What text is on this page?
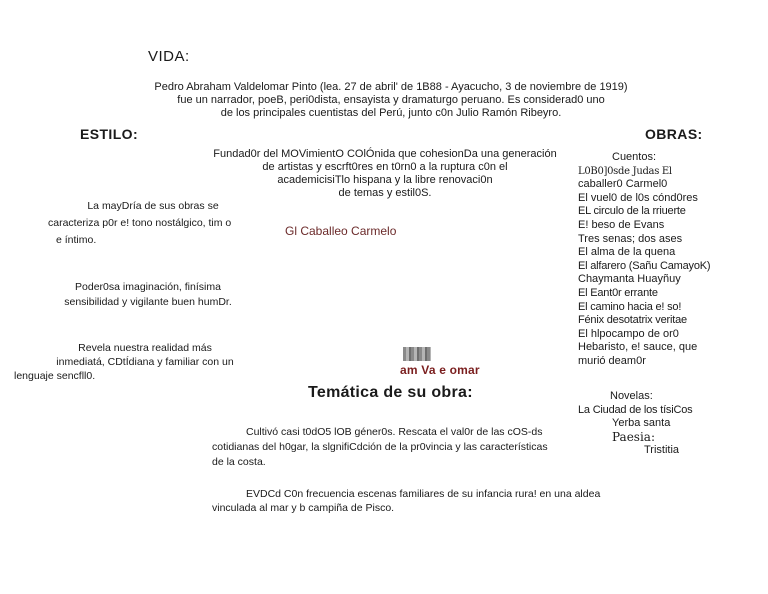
VIDA:
Pedro Abraham Valdelomar Pinto (lea. 27 de abril' de 1B88 - Ayacucho, 3 de noviembre de 1919)
fue un narrador, poeB, peri0dista, ensayista y dramaturgo peruano. Es considerad0 uno
de los principales cuentistas del Perú, junto c0n Julio Ramón Ribeyro.
ESTILO:	OBRAS:
Fundad0r del MOVimientO COlÓnida que cohesionDa una generación
de artistas y escrft0res en t0rn0 a la ruptura c0n el
academicisiTlo hispana y la libre renovaci0n
de temas y estil0S.
La mayDría de sus obras se
caracteriza p0r e! tono nostálgico, tim o
e íntimo.
Poder0sa imaginación, finísima
sensibilidad y vigilante buen humDr.
Revela nuestra realidad más
inmediatá, CDtÍdiana y familiar con un
lenguaje sencfll0.
Gl Caballeo Carmelo
am Va e omar
Temática de su obra:
Cultivó casi t0dO5 lOB géner0s. Rescata el val0r de las cOS-ds
cotidianas del h0gar, la slgnifiCdción de la pr0vincia y las características
de la costa.
EVDCd C0n frecuencia escenas familiares de su infancia rura! en una aldea
vinculada al mar y b campiña de Pisco.
Cuentos:
L0B0]0sde Judas El
caballer0 Carmel0
El vuel0 de l0s cónd0res
EL circulo de la rriuerte
E! beso de Evans
Tres senas; dos ases
El alma de la quena
El alfarero (Sañu CamayoK)
Chaymanta Huayñuy
El Eant0r errante
El camino hacia e! so!
Fénix desotatrix veritae
El hlpocampo de or0
Hebaristo, e! sauce, que
murió deam0r
Novelas:
La Ciudad de los tísiCos
Yerba santa
Paesia:
Tristitia
